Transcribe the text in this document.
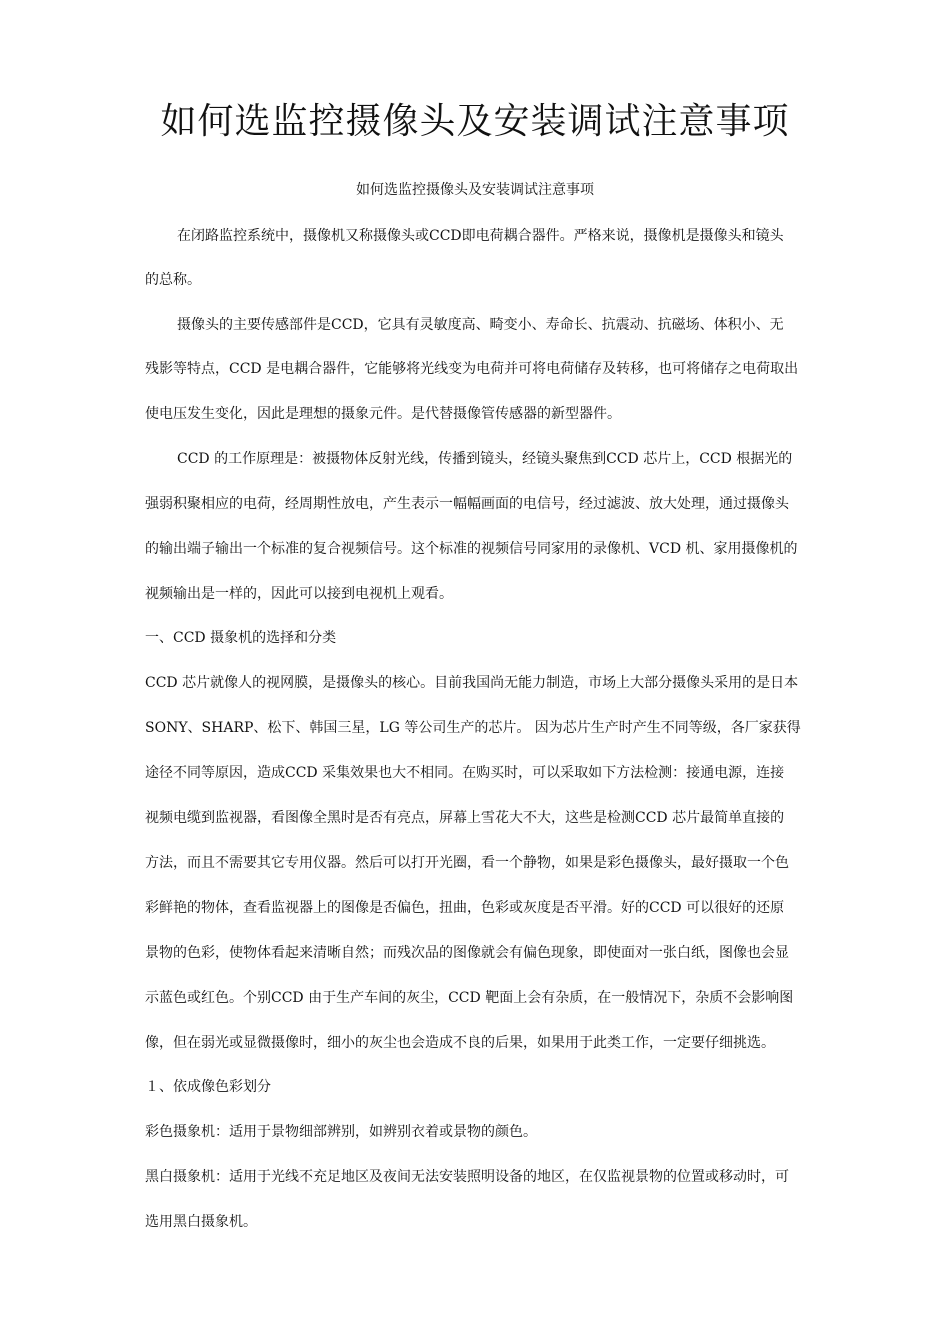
如何选监控摄像头及安装调试注意事项
如何选监控摄像头及安装调试注意事项
在闭路监控系统中，摄像机又称摄像头或CCD即电荷耦合器件。严格来说，摄像机是摄像头和镜头
的总称。
摄像头的主要传感部件是CCD，它具有灵敏度高、畸变小、寿命长、抗震动、抗磁场、体积小、无
残影等特点，CCD 是电耦合器件，它能够将光线变为电荷并可将电荷储存及转移，也可将储存之电荷取出
使电压发生变化，因此是理想的摄象元件。是代替摄像管传感器的新型器件。
CCD 的工作原理是：被摄物体反射光线，传播到镜头，经镜头聚焦到CCD 芯片上，CCD 根据光的
强弱积聚相应的电荷，经周期性放电，产生表示一幅幅画面的电信号，经过滤波、放大处理，通过摄像头
的输出端子输出一个标准的复合视频信号。这个标准的视频信号同家用的录像机、VCD 机、家用摄像机的
视频输出是一样的，因此可以接到电视机上观看。
一、CCD 摄象机的选择和分类
CCD 芯片就像人的视网膜，是摄像头的核心。目前我国尚无能力制造，市场上大部分摄像头采用的是日本
SONY、SHARP、松下、韩国三星，LG 等公司生产的芯片。 因为芯片生产时产生不同等级，各厂家获得
途径不同等原因，造成CCD 采集效果也大不相同。在购买时，可以采取如下方法检测：接通电源，连接
视频电缆到监视器，看图像全黑时是否有亮点，屏幕上雪花大不大，这些是检测CCD 芯片最简单直接的
方法，而且不需要其它专用仪器。然后可以打开光圈，看一个静物，如果是彩色摄像头，最好摄取一个色
彩鲜艳的物体，查看监视器上的图像是否偏色，扭曲，色彩或灰度是否平滑。好的CCD 可以很好的还原
景物的色彩，使物体看起来清晰自然；而残次品的图像就会有偏色现象，即使面对一张白纸，图像也会显
示蓝色或红色。个别CCD 由于生产车间的灰尘，CCD 靶面上会有杂质，在一般情况下，杂质不会影响图
像，但在弱光或显微摄像时，细小的灰尘也会造成不良的后果，如果用于此类工作，一定要仔细挑选。
１、依成像色彩划分
彩色摄象机：适用于景物细部辨别，如辨别衣着或景物的颜色。
黑白摄象机：适用于光线不充足地区及夜间无法安装照明设备的地区，在仅监视景物的位置或移动时，可
选用黑白摄象机。
